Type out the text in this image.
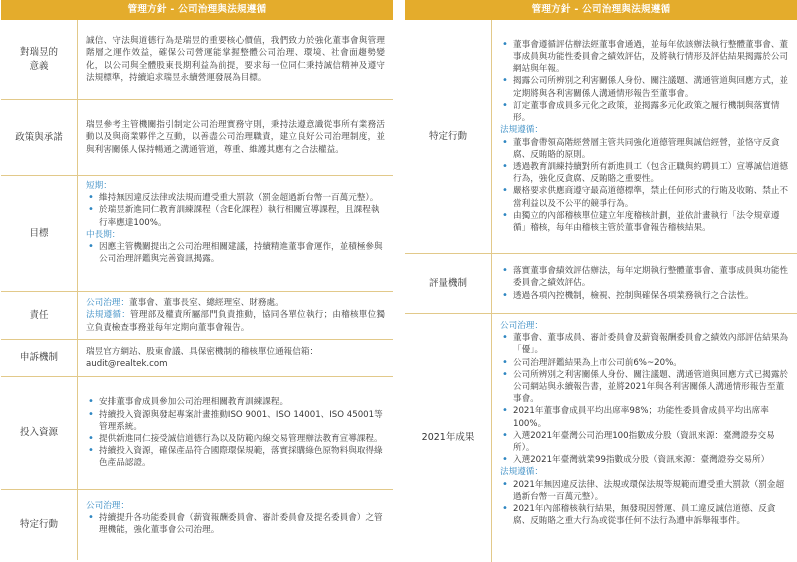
管理方針 - 公司治理與法規遵循
對瑞昱的
意義
誠信、守法與道德行為是瑞昱的重要核心價值，我們致力於強化董事會與管理階層之運作效益，確保公司營運能掌握整體公司治理、環境、社會面趨勢變化，以公司與全體股東長期利益為前提，要求每一位同仁秉持誠信精神及遵守法規標準，持續追求瑞昱永續營運發展為目標。
政策與承諾
瑞昱參考主管機關指引制定公司治理實務守則，秉持法遵意識從事所有業務活動以及與商業夥伴之互動，以善盡公司治理職責，建立良好公司治理制度，並與利害關係人保持暢通之溝通管道，尊重、維護其應有之合法權益。
目標
短期：
• 維持無因違反法律或法規而遭受重大罰款（罰金超過新台幣一百萬元整）。
• 於瑞昱新進同仁教育訓練課程（含E化課程）執行相關宣導課程，且課程執行率應達100%。
中長期：
• 因應主管機關提出之公司治理相關建議，持續精進董事會運作，並積極參與公司治理評鑑與完善資訊揭露。
責任
公司治理：董事會、董事長室、總經理室、財務處。
法規遵循：管理部及權責所屬部門負責推動，協同各單位執行；由稽核單位獨立負責檢查事務並每年定期向董事會報告。
申訴機制
瑞昱官方網站、股東會議、具保密機制的稽核單位通報信箱：audit@realtek.com
投入資源
• 安排董事會成員參加公司治理相關教育訓練課程。
• 持續投入資源與發起專案計畫推動ISO 9001、ISO 14001、ISO 45001等管理系統。
• 提供新進同仁接受誠信道德行為以及防範內線交易管理辦法教育宣導課程。
• 持續投入資源，確保產品符合國際環保規範，落實採購綠色原物料與取得綠色產品認證。
特定行動
公司治理：
• 持續提升各功能委員會（薪資報酬委員會、審計委員會及提名委員會）之管理機能，強化董事會公司治理。
管理方針 - 公司治理與法規遵循
特定行動
• 董事會遵循評估辦法經董事會通過，並每年依該辦法執行整體董事會、董事成員與功能性委員會之績效評估，及將執行情形及評估結果揭露於公司網站與年報。
• 揭露公司所辨別之利害關係人身份、關注議題、溝通管道與回應方式，並定期將與各利害關係人溝通情形報告至董事會。
• 訂定董事會成員多元化之政策，並揭露多元化政策之履行機制與落實情形。
法規遵循：
• 董事會帶領高階經營層主管共同強化道德管理與誠信經營，並恪守反貪腐、反賄賂的原則。
• 透過教育訓練持續對所有新進員工（包含正職與約聘員工）宣導誠信道德行為，強化反貪腐、反賄賂之重要性。
• 嚴格要求供應商遵守最高道德標準，禁止任何形式的行賄及收賄、禁止不當利益以及不公平的競爭行為。
• 由獨立的內部稽核單位建立年度稽核計劃，並依計畫執行「法令規章遵循」稽核，每年由稽核主管於董事會報告稽核結果。
評量機制
• 落實董事會績效評估辦法，每年定期執行整體董事會、董事成員與功能性委員會之績效評估。
• 透過各項內控機制，檢視、控制與確保各項業務執行之合法性。
2021年成果
公司治理：
• 董事會、董事成員、審計委員會及薪資報酬委員會之績效內部評估結果為「優」。
• 公司治理評鑑結果為上市公司前6%~20%。
• 公司所辨別之利害關係人身份、關注議題、溝通管道與回應方式已揭露於公司網站與永續報告書，並將2021年與各利害關係人溝通情形報告至董事會。
• 2021年董事會成員平均出席率98%；功能性委員會成員平均出席率100%。
• 入選2021年臺灣公司治理100指數成分股（資訊來源：臺灣證券交易所）。
• 入選2021年臺灣就業99指數成分股（資訊來源：臺灣證券交易所）
法規遵循：
• 2021年無因違反法律、法規或環保法規等規範而遭受重大罰款（罰金超過新台幣一百萬元整）。
• 2021年內部稽核執行結果，無發現因營運、員工違反誠信道德、反貪腐、反賄賂之重大行為或從事任何不法行為遭申訴舉報事件。
